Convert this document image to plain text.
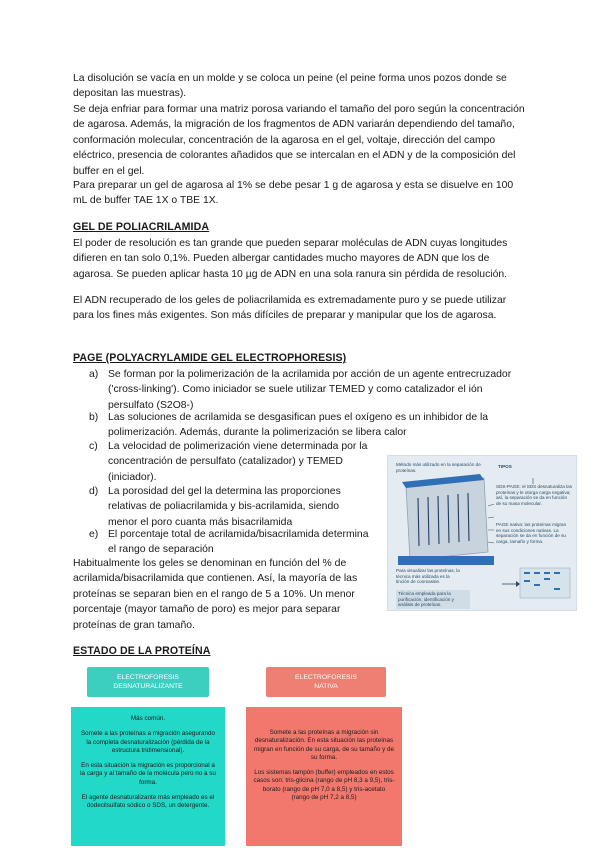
La disolución se vacía en un molde y se coloca un peine (el peine forma unos pozos donde se depositan las muestras).

Se deja enfriar para formar una matriz porosa variando el tamaño del poro según la concentración de agarosa. Además, la migración de los fragmentos de ADN variarán dependiendo del tamaño, conformación molecular, concentración de la agarosa en el gel, voltaje, dirección del campo eléctrico, presencia de colorantes añadidos que se intercalan en el ADN y de la composición del buffer en el gel.

Para preparar un gel de agarosa al 1% se debe pesar 1 g de agarosa y esta se disuelve en 100 mL de buffer TAE 1X o TBE 1X.

GEL DE POLIACRILAMIDA

El poder de resolución es tan grande que pueden separar moléculas de ADN cuyas longitudes difieren en tan solo 0,1%. Pueden albergar cantidades mucho mayores de ADN que los de agarosa. Se pueden aplicar hasta 10 µg de ADN en una sola ranura sin pérdida de resolución.

El ADN recuperado de los geles de poliacrilamida es extremadamente puro y se puede utilizar para los fines más exigentes. Son más difíciles de preparar y manipular que los de agarosa.

PAGE (POLYACRYLAMIDE GEL ELECTROPHORESIS)

a) Se forman por la polimerización de la acrilamida por acción de un agente entrecruzador ('cross-linking'). Como iniciador se suele utilizar TEMED y como catalizador el ión persulfato (S2O8-)
b) Las soluciones de acrilamida se desgasifican pues el oxígeno es un inhibidor de la polimerización. Además, durante la polimerización se libera calor
c) La velocidad de polimerización viene determinada por la concentración de persulfato (catalizador) y TEMED (iniciador).
d) La porosidad del gel la determina las proporciones relativas de poliacrilamida y bis-acrilamida, siendo menor el poro cuanta más bisacrilamida
e) El porcentaje total de acrilamida/bisacrilamida determina el rango de separación

Habitualmente los geles se denominan en función del % de acrilamida/bisacrilamida que contienen. Así, la mayoría de las proteínas se separan bien en el rango de 5 a 10%. Un menor porcentaje (mayor tamaño de poro) es mejor para separar proteínas de gran tamaño.

Método más utilizado en la separación de proteínas.
TIPOS
SDS-PAGE: el SDS desnaturaliza las proteínas y le otorga carga negativa; así, la separación se da en función de su masa molecular.
PAGE nativa: las proteínas migran en sus condiciones nativas. La separación se da en función de su carga, tamaño y forma.
Para visualizar las proteínas, la técnica más utilizada es la tinción de coomassie.
Técnica empleada para la purificación, identificación y análisis de proteínas.

ESTADO DE LA PROTEÍNA

ELECTROFORESIS
DESNATURALIZANTE

Más común.

Somete a las proteínas a migración asegurando la completa desnaturalización (pérdida de la estructura tridimensional).

En esta situación la migración es proporcional a la carga y al tamaño de la molécula pero no a su forma.

El agente desnaturalizante más empleado es el dodecilsulfato sódico o SDS, un detergente.

ELECTROFORESIS
NATIVA

Somete a las proteínas a migración sin desnaturalización. En esta situación las proteínas migran en función de su carga, de su tamaño y de su forma.

Los sistemas tampón (buffer) empleados en estos casos son: tris-glicina (rango de pH 8,3 a 9,5), tris-borato (rango de pH 7,0 a 8,5) y tris-acetato (rango de pH 7,2 a 8,5)
